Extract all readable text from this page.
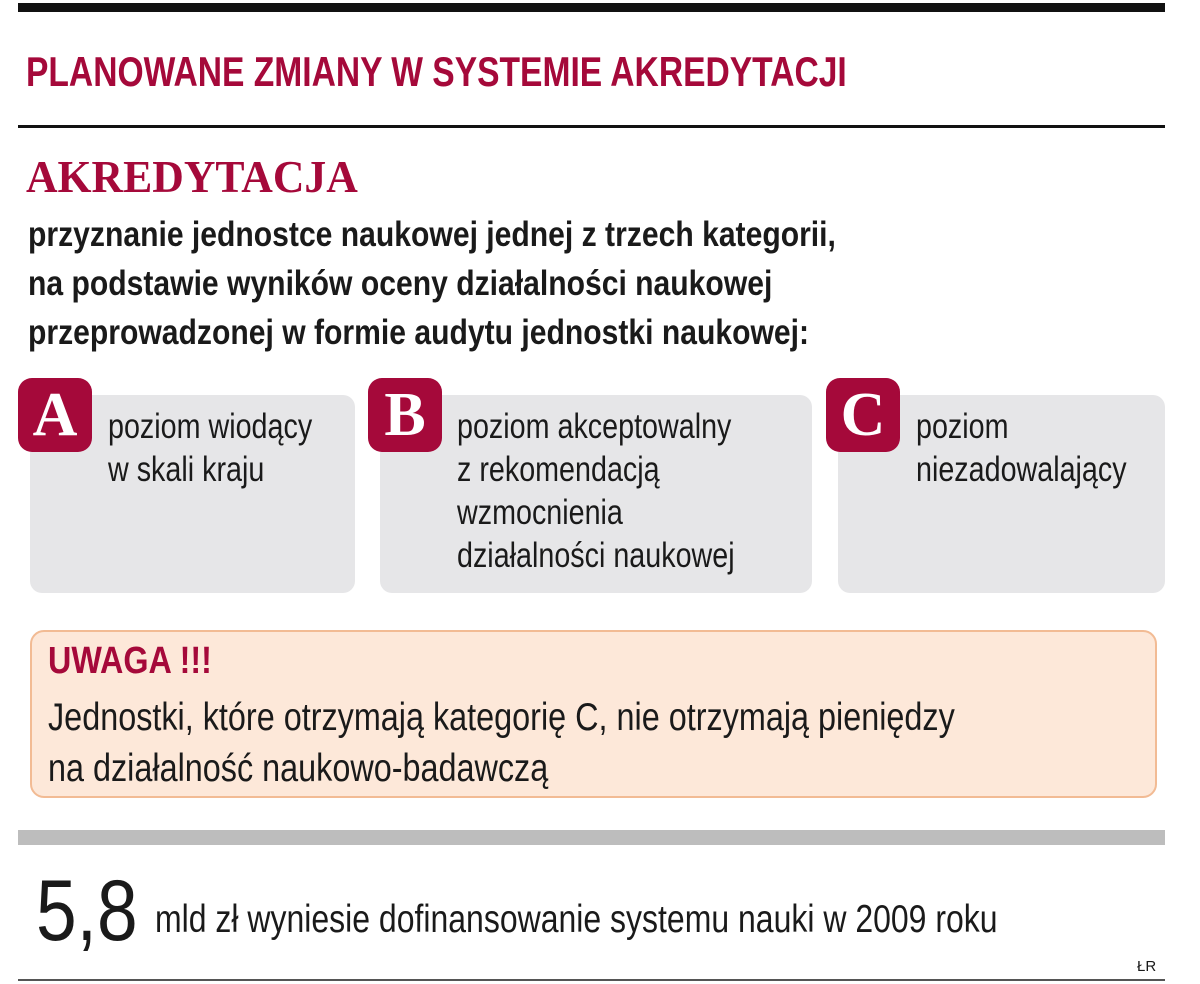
PLANOWANE ZMIANY W SYSTEMIE AKREDYTACJI
AKREDYTACJA
przyznanie jednostce naukowej jednej z trzech kategorii,
na podstawie wyników oceny działalności naukowej
przeprowadzonej w formie audytu jednostki naukowej:
A poziom wiodący
w skali kraju
B poziom akceptowalny
z rekomendacją
wzmocnienia
działalności naukowej
C poziom
niezadowalający
UWAGA !!!
Jednostki, które otrzymają kategorię C, nie otrzymają pieniędzy
na działalność naukowo-badawczą
5,8 mld zł wyniesie dofinansowanie systemu nauki w 2009 roku
ŁR
